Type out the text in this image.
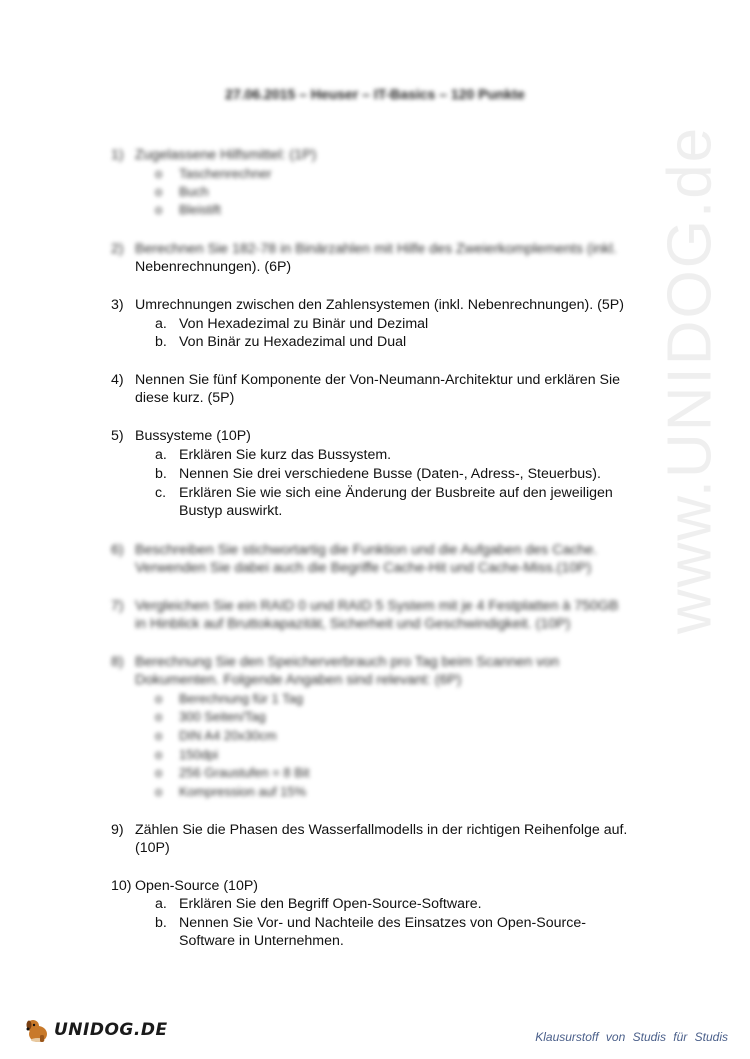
www.UNIDOG.de
27.06.2015 – Heuser – IT-Basics – 120 Punkte
1) Zugelassene Hilfsmittel: (1P)
o Taschenrechner
o Buch
o Bleistift
2) Berechnen Sie 182-78 in Binärzahlen mit Hilfe des Zweierkomplements (inkl.
Nebenrechnungen). (6P)
3) Umrechnungen zwischen den Zahlensystemen (inkl. Nebenrechnungen). (5P)
a. Von Hexadezimal zu Binär und Dezimal
b. Von Binär zu Hexadezimal und Dual
4) Nennen Sie fünf Komponente der Von-Neumann-Architektur und erklären Sie
diese kurz. (5P)
5) Bussysteme (10P)
a. Erklären Sie kurz das Bussystem.
b. Nennen Sie drei verschiedene Busse (Daten-, Adress-, Steuerbus).
c. Erklären Sie wie sich eine Änderung der Busbreite auf den jeweiligen
Bustyp auswirkt.
6) Beschreiben Sie stichwortartig die Funktion und die Aufgaben des Cache.
Verwenden Sie dabei auch die Begriffe Cache-Hit und Cache-Miss.(10P)
7) Vergleichen Sie ein RAID 0 und RAID 5 System mit je 4 Festplatten à 750GB
in Hinblick auf Bruttokapazität, Sicherheit und Geschwindigkeit. (10P)
8) Berechnung Sie den Speicherverbrauch pro Tag beim Scannen von
Dokumenten. Folgende Angaben sind relevant: (6P)
o Berechnung für 1 Tag
o 300 Seiten/Tag
o DIN A4 20x30cm
o 150dpi
o 256 Graustufen = 8 Bit
o Kompression auf 15%
9) Zählen Sie die Phasen des Wasserfallmodells in der richtigen Reihenfolge auf.
(10P)
10) Open-Source (10P)
a. Erklären Sie den Begriff Open-Source-Software.
b. Nennen Sie Vor- und Nachteile des Einsatzes von Open-Source-
Software in Unternehmen.
UNIDOG.DE	Klausurstoff von Studis für Studis
